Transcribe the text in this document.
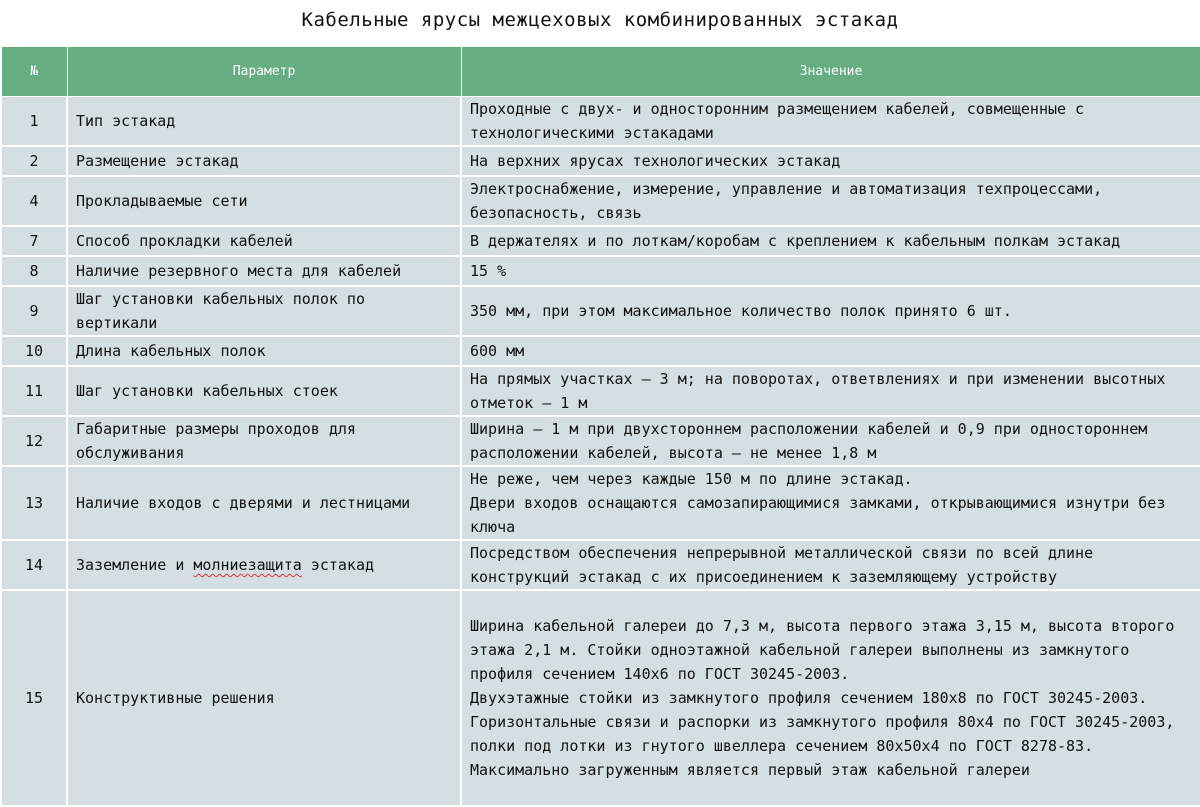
Кабельные ярусы межцеховых комбинированных эстакад
№	Параметр	Значение
1	Тип эстакад	Проходные с двух- и односторонним размещением кабелей, совмещенные с технологическими эстакадами
2	Размещение эстакад	На верхних ярусах технологических эстакад
4	Прокладываемые сети	Электроснабжение, измерение, управление и автоматизация техпроцессами, безопасность, связь
7	Способ прокладки кабелей	В держателях и по лоткам/коробам с креплением к кабельным полкам эстакад
8	Наличие резервного места для кабелей	15 %
9	Шаг установки кабельных полок по вертикали	350 мм, при этом максимальное количество полок принято 6 шт.
10	Длина кабельных полок	600 мм
11	Шаг установки кабельных стоек	На прямых участках – 3 м; на поворотах, ответвлениях и при изменении высотных отметок – 1 м
12	Габаритные размеры проходов для обслуживания	Ширина – 1 м при двухстороннем расположении кабелей и 0,9 при одностороннем расположении кабелей, высота – не менее 1,8 м
13	Наличие входов с дверями и лестницами	Не реже, чем через каждые 150 м по длине эстакад.
Двери входов оснащаются самозапирающимися замками, открывающимися изнутри без ключа

14	Заземление и молниезащита эстакад	Посредством обеспечения непрерывной металлической связи по всей длине конструкций эстакад с их присоединением к заземляющему устройству
15	Конструктивные решения	Ширина кабельной галереи до 7,3 м, высота первого этажа 3,15 м, высота второго этажа 2,1 м. Стойки одноэтажной кабельной галереи выполнены из замкнутого профиля сечением 140х6 по ГОСТ 30245-2003.
Двухэтажные стойки из замкнутого профиля сечением 180х8 по ГОСТ 30245-2003.
Горизонтальные связи и распорки из замкнутого профиля 80х4 по ГОСТ 30245-2003, полки под лотки из гнутого швеллера сечением 80х50х4 по ГОСТ 8278-83.
Максимально загруженным является первый этаж кабельной галереи
